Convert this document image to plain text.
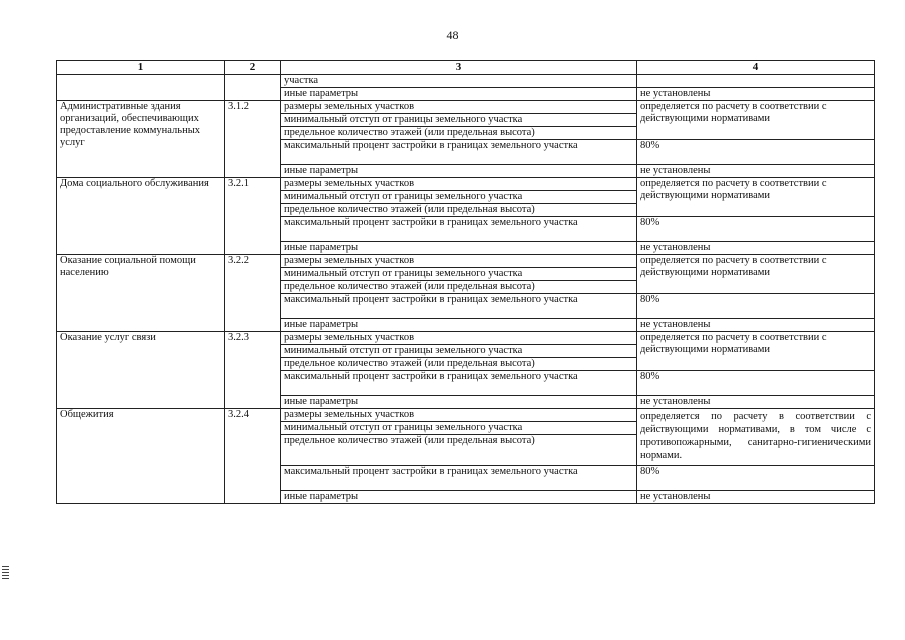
48
1	2	3	4
		участка	
		иные параметры	не установлены
Административные здания организаций, обеспечивающих предоставление коммунальных услуг	3.1.2	размеры земельных участков	определяется по расчету в соответствии с действующими нормативами
		минимальный отступ от границы земельного участка	
		предельное количество этажей (или предельная высота)	
		максимальный процент застройки в границах земельного участка	80%
		иные параметры	не установлены
Дома социального обслуживания	3.2.1	размеры земельных участков	определяется по расчету в соответствии с действующими нормативами
		минимальный отступ от границы земельного участка	
		предельное количество этажей (или предельная высота)	
		максимальный процент застройки в границах земельного участка	80%
		иные параметры	не установлены
Оказание социальной помощи населению	3.2.2	размеры земельных участков	определяется по расчету в соответствии с действующими нормативами
		минимальный отступ от границы земельного участка	
		предельное количество этажей (или предельная высота)	
		максимальный процент застройки в границах земельного участка	80%
		иные параметры	не установлены
Оказание услуг связи	3.2.3	размеры земельных участков	определяется по расчету в соответствии с действующими нормативами
		минимальный отступ от границы земельного участка	
		предельное количество этажей (или предельная высота)	
		максимальный процент застройки в границах земельного участка	80%
		иные параметры	не установлены
Общежития	3.2.4	размеры земельных участков	определяется по расчету в соответствии с действующими нормативами, в том числе с противопожарными, санитарно-гигиеническими нормами.
		минимальный отступ от границы земельного участка	
		предельное количество этажей (или предельная высота)	
		максимальный процент застройки в границах земельного участка	80%
		иные параметры	не установлены
